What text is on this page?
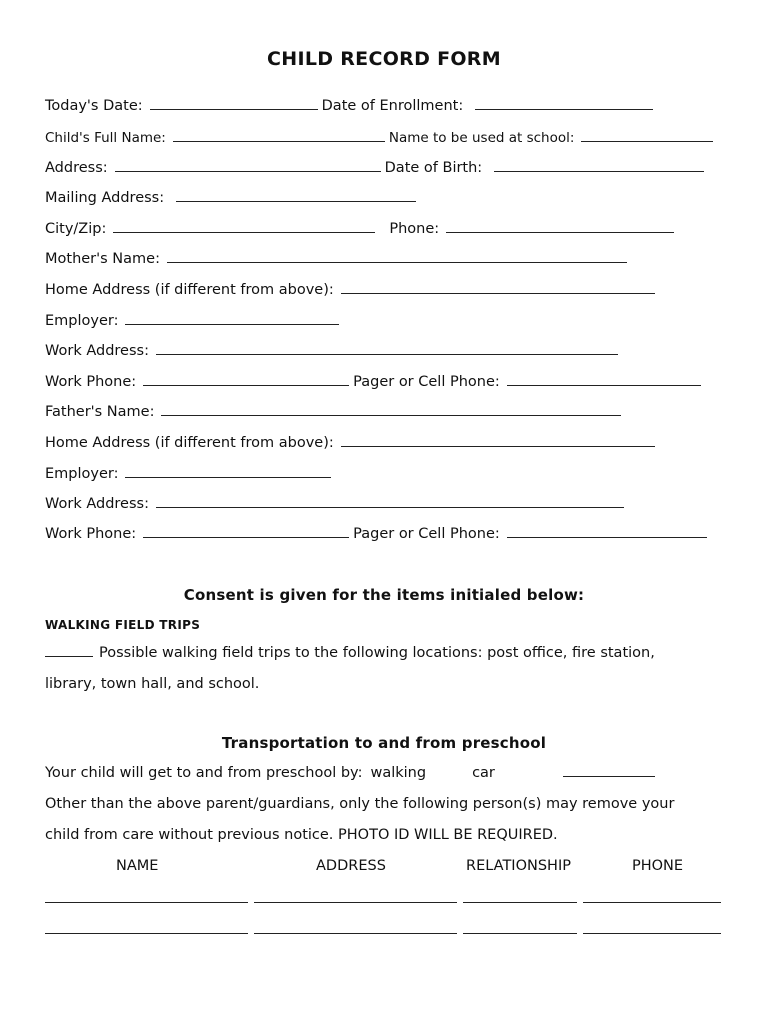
CHILD RECORD FORM
Today's Date:	Date of Enrollment:
Child's Full Name:	Name to be used at school:
Address:	Date of Birth:
Mailing Address:
City/Zip:	Phone:
Mother's Name:
Home Address (if different from above):
Employer:
Work Address:
Work Phone:	Pager or Cell Phone:
Father's Name:
Home Address (if different from above):
Employer:
Work Address:
Work Phone:	Pager or Cell Phone:
Consent is given for the items initialed below:
WALKING FIELD TRIPS
Possible walking field trips to the following locations: post office, fire station,
library, town hall, and school.
Transportation to and from preschool
Your child will get to and from preschool by: walking	car
Other than the above parent/guardians, only the following person(s) may remove your
child from care without previous notice. PHOTO ID WILL BE REQUIRED.
NAME	ADDRESS	RELATIONSHIP	PHONE
